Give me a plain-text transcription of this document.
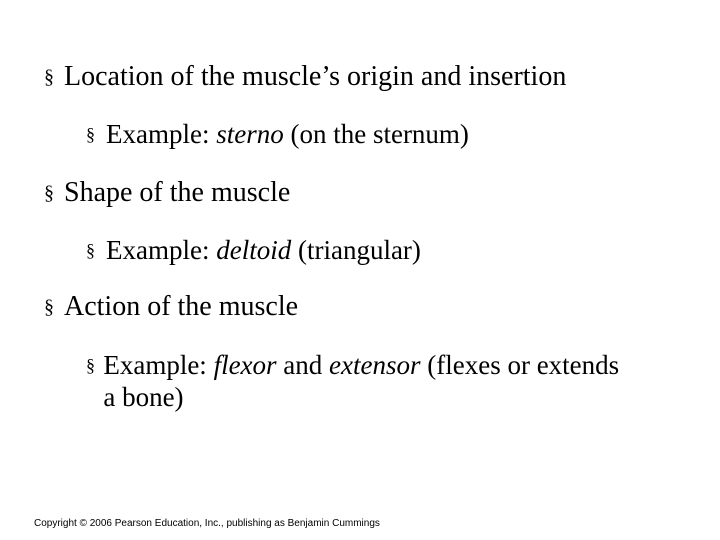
§ Location of the muscle’s origin and insertion
§ Example: sterno (on the sternum)
§ Shape of the muscle
§ Example: deltoid (triangular)
§ Action of the muscle
§ Example: flexor and extensor (flexes or extends a bone)
Copyright © 2006 Pearson Education, Inc., publishing as Benjamin Cummings
